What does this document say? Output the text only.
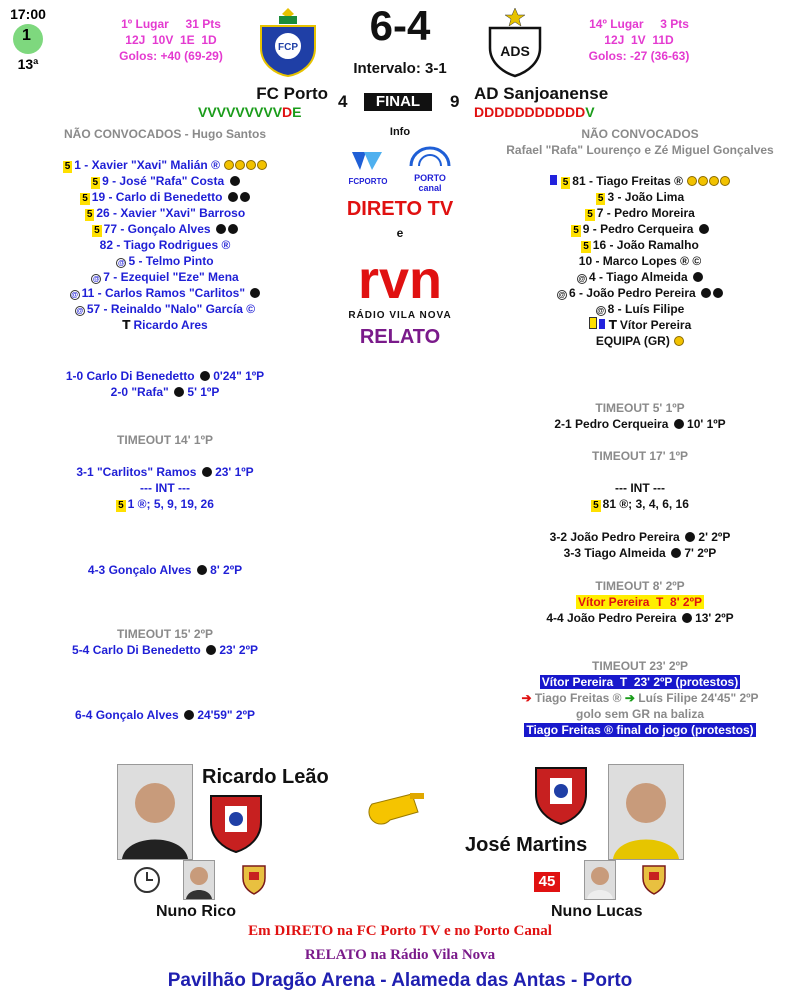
17:00
1
13ª
1º Lugar     31 Pts
12J  10V  1E  1D
Golos: +40 (69-29)
FCP	6-4
Intervalo: 3-1
ADS
14º Lugar     3 Pts
12J  1V  11D
Golos: -27 (36-63)
FC Porto 4	FINAL	9 AD Sanjoanense
VVVVVVVVVDE	DDDDDDDDDDDV
NÃO CONVOCADOS - Hugo Santos	NÃO CONVOCADOS
Rafael "Rafa" Lourenço e Zé Miguel Gonçalves
5 1 - Xavier "Xavi" Malián ®
5 9 - José "Rafa" Costa
5 19 - Carlo di Benedetto
5 26 - Xavier "Xavi" Barroso
5 77 - Gonçalo Alves
82 - Tiago Rodrigues ®
@ 5 - Telmo Pinto
@ 7 - Ezequiel "Eze" Mena
@ 11 - Carlos Ramos "Carlitos"
@ 57 - Reinaldo "Nalo" García ©
T Ricardo Ares
Info
FCPORTO	PORTO canal
DIRETO TV
e
rvn
RÁDIO VILA NOVA
RELATO
5 81 - Tiago Freitas ®
5 3 - João Lima
5 7 - Pedro Moreira
5 9 - Pedro Cerqueira
5 16 - João Ramalho
10 - Marco Lopes ® ©
@ 4 - Tiago Almeida
@ 6 - João Pedro Pereira
@ 8 - Luís Filipe
T Vítor Pereira
EQUIPA (GR)
1-0 Carlo Di Benedetto  0'24" 1ºP
2-0 "Rafa"  5' 1ºP
TIMEOUT 14' 1ºP
3-1 "Carlitos" Ramos  23' 1ºP
--- INT ---
5 1 ®; 5, 9, 19, 26
4-3 Gonçalo Alves  8' 2ºP
TIMEOUT 15' 2ºP
5-4 Carlo Di Benedetto  23' 2ºP
6-4 Gonçalo Alves  24'59" 2ºP
TIMEOUT 5' 1ºP
2-1 Pedro Cerqueira  10' 1ºP
TIMEOUT 17' 1ºP
--- INT ---
5 81 ®; 3, 4, 6, 16
3-2 João Pedro Pereira  2' 2ºP
3-3 Tiago Almeida  7' 2ºP
TIMEOUT 8' 2ºP
Vítor Pereira  T  8' 2ºP
4-4 João Pedro Pereira  13' 2ºP
TIMEOUT 23' 2ºP
Vítor Pereira  T  23' 2ºP (protestos)
➔ Tiago Freitas ® ➔ Luís Filipe 24'45" 2ºP
golo sem GR na baliza
Tiago Freitas ® final do jogo (protestos)
Ricardo Leão
José Martins
Nuno Rico
45
Nuno Lucas
Em DIRETO na FC Porto TV e no Porto Canal
RELATO na Rádio Vila Nova
Pavilhão Dragão Arena - Alameda das Antas - Porto
